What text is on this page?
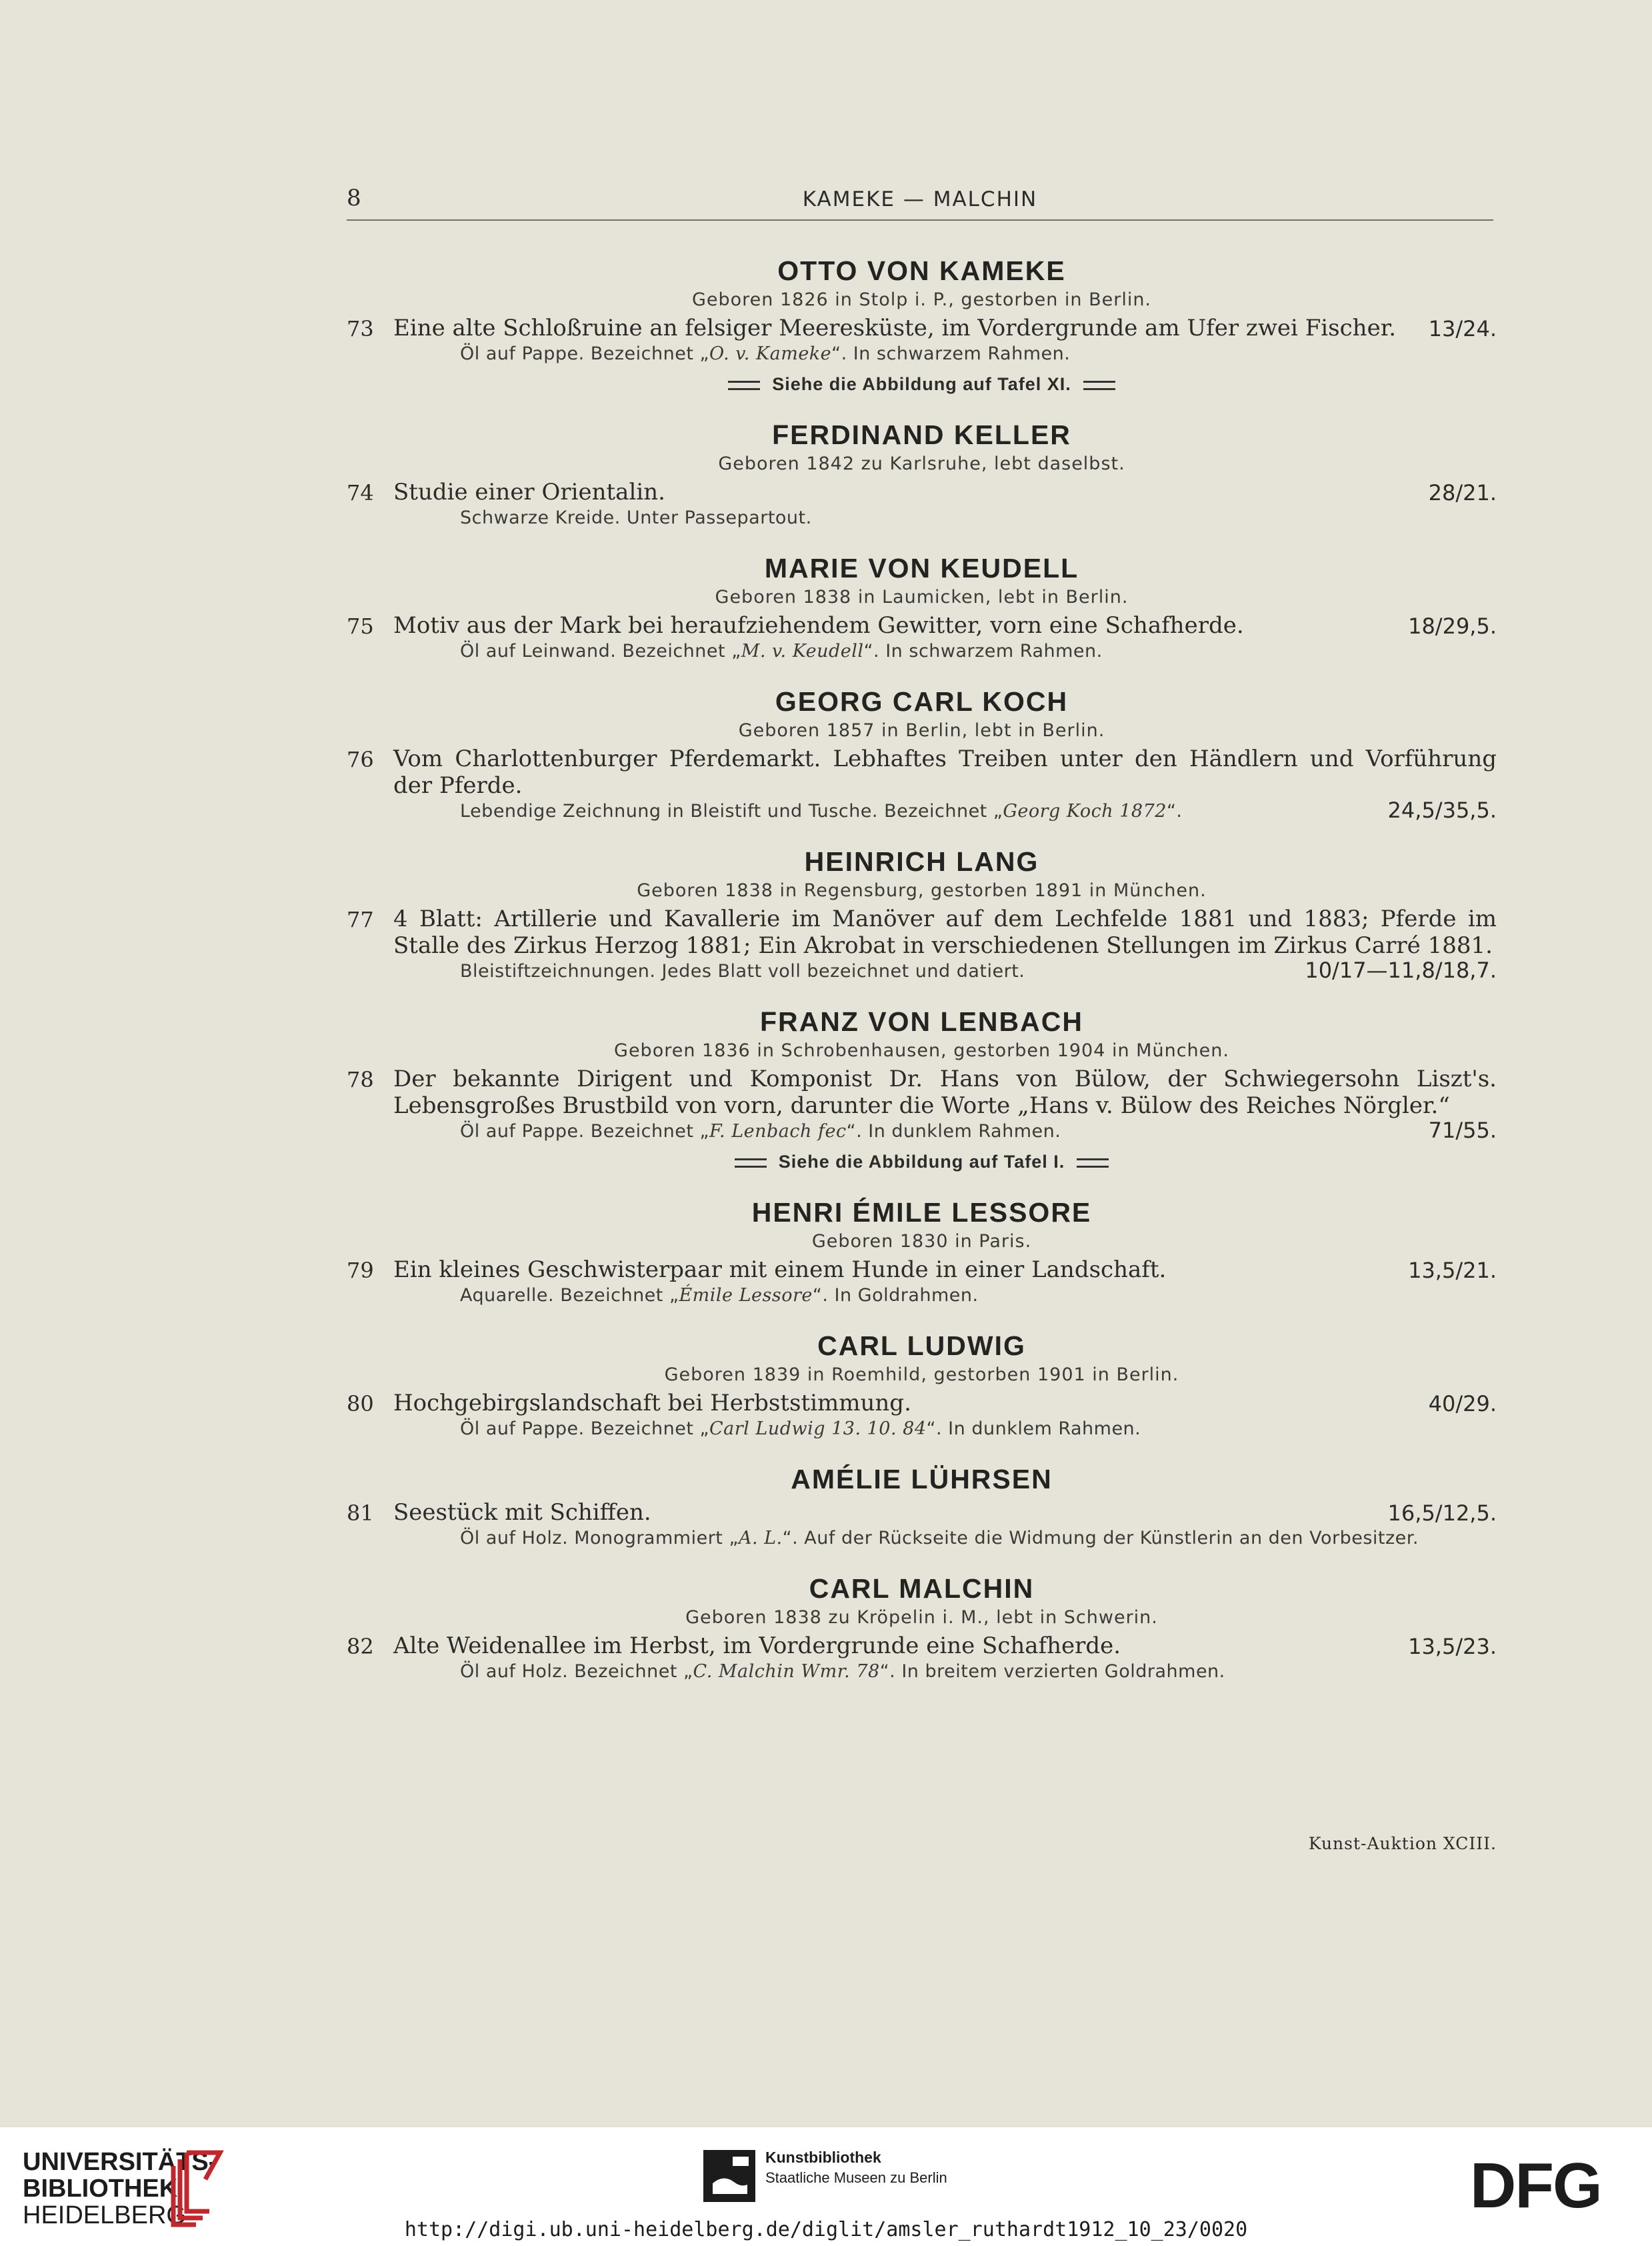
8	KAMEKE — MALCHIN
OTTO VON KAMEKE
Geboren 1826 in Stolp i. P., gestorben in Berlin.
73 Eine alte Schloßruine an felsiger Meeresküste, im Vordergrunde am Ufer zwei Fischer.	13/24.
Öl auf Pappe. Bezeichnet „O. v. Kameke“. In schwarzem Rahmen.
Siehe die Abbildung auf Tafel XI.
FERDINAND KELLER
Geboren 1842 zu Karlsruhe, lebt daselbst.
74 Studie einer Orientalin.	28/21.
Schwarze Kreide. Unter Passepartout.
MARIE VON KEUDELL
Geboren 1838 in Laumicken, lebt in Berlin.
75 Motiv aus der Mark bei heraufziehendem Gewitter, vorn eine Schafherde.	18/29,5.
Öl auf Leinwand. Bezeichnet „M. v. Keudell“. In schwarzem Rahmen.
GEORG CARL KOCH
Geboren 1857 in Berlin, lebt in Berlin.
76 Vom Charlottenburger Pferdemarkt. Lebhaftes Treiben unter den Händlern und Vorführung der Pferde.
Lebendige Zeichnung in Bleistift und Tusche. Bezeichnet „Georg Koch 1872“.	24,5/35,5.
HEINRICH LANG
Geboren 1838 in Regensburg, gestorben 1891 in München.
77 4 Blatt: Artillerie und Kavallerie im Manöver auf dem Lechfelde 1881 und 1883; Pferde im Stalle des Zirkus Herzog 1881; Ein Akrobat in verschiedenen Stellungen im Zirkus Carré 1881.
Bleistiftzeichnungen. Jedes Blatt voll bezeichnet und datiert.	10/17—11,8/18,7.
FRANZ VON LENBACH
Geboren 1836 in Schrobenhausen, gestorben 1904 in München.
78 Der bekannte Dirigent und Komponist Dr. Hans von Bülow, der Schwiegersohn Liszt's. Lebensgroßes Brustbild von vorn, darunter die Worte „Hans v. Bülow des Reiches Nörgler.“
Öl auf Pappe. Bezeichnet „F. Lenbach fec“. In dunklem Rahmen.	71/55.
Siehe die Abbildung auf Tafel I.
HENRI ÉMILE LESSORE
Geboren 1830 in Paris.
79 Ein kleines Geschwisterpaar mit einem Hunde in einer Landschaft.	13,5/21.
Aquarelle. Bezeichnet „Émile Lessore“. In Goldrahmen.
CARL LUDWIG
Geboren 1839 in Roemhild, gestorben 1901 in Berlin.
80 Hochgebirgslandschaft bei Herbststimmung.	40/29.
Öl auf Pappe. Bezeichnet „Carl Ludwig 13. 10. 84“. In dunklem Rahmen.
AMÉLIE LÜHRSEN
81 Seestück mit Schiffen.	16,5/12,5.
Öl auf Holz. Monogrammiert „A. L.“. Auf der Rückseite die Widmung der Künstlerin an den Vorbesitzer.
CARL MALCHIN
Geboren 1838 zu Kröpelin i. M., lebt in Schwerin.
82 Alte Weidenallee im Herbst, im Vordergrunde eine Schafherde.	13,5/23.
Öl auf Holz. Bezeichnet „C. Malchin Wmr. 78“. In breitem verzierten Goldrahmen.
Kunst-Auktion XCIII.
UNIVERSITÄTS-
BIBLIOTHEK
HEIDELBERG
Kunstbibliothek
Staatliche Museen zu Berlin	DFG
http://digi.ub.uni-heidelberg.de/diglit/amsler_ruthardt1912_10_23/0020
